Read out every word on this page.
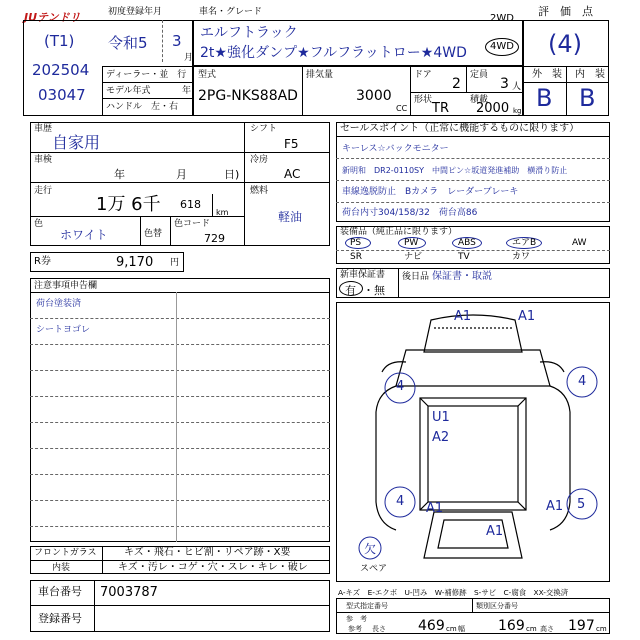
JUテンドリ	初度登録年月
(T1) 令和5 3
月
202504
03047
ディーラー・並　行
モデル年式	年
ハンドル　左・右
車名・グレード
エルフトラック
2t★強化ダンプ★フルフラットロー★4WD
2WD
4WD
型式
2PG-NKS88AD
排気量
3000
CC
ドア
2
定員
3 人
形状
TR
積載
2000 kg
評　価　点
(4)
外　装 内　装
B B
車歴
自家用
車検
年	月	日)
走行
1万 6千 618
km
色
ホワイト	色替
色コード
729
シフト
F5
冷房
AC
燃料
軽油
R券	9,170 円
注意事項申告欄
荷台塗装済
シートヨゴレ
フロントガラス	キズ・飛石・ヒビ割・リペア跡・X要
内装	キズ・汚レ・コゲ・穴・スレ・キレ・破レ
車台番号 7003787
登録番号
セールスポイント（正常に機能するものに限ります）
キーレス☆バックモニター
新明和　DR2-0110SY　中間ピン☆坂道発進補助　横滑り防止
車線逸脱防止　Bカメラ　レーダーブレーキ
荷台内寸304/158/32　荷台高86
装備品（純正品に限ります）
PS	PW	ABS	エアB	AW
SR	ナビ	TV	カワ
新車保証書
有 ・無
後日品 保証書・取説
A1	A1
4	4
U1
A2
4 A1	A1 5
A1
欠
スペア
A-キズ　E-エクボ　U-凹み　W-補修跡　S-サビ　C-腐食　XX-交換済
型式指定番号	類別区分番号
参　考
参考 長さ 469 cm 幅 169 cm 高さ 197 cm
